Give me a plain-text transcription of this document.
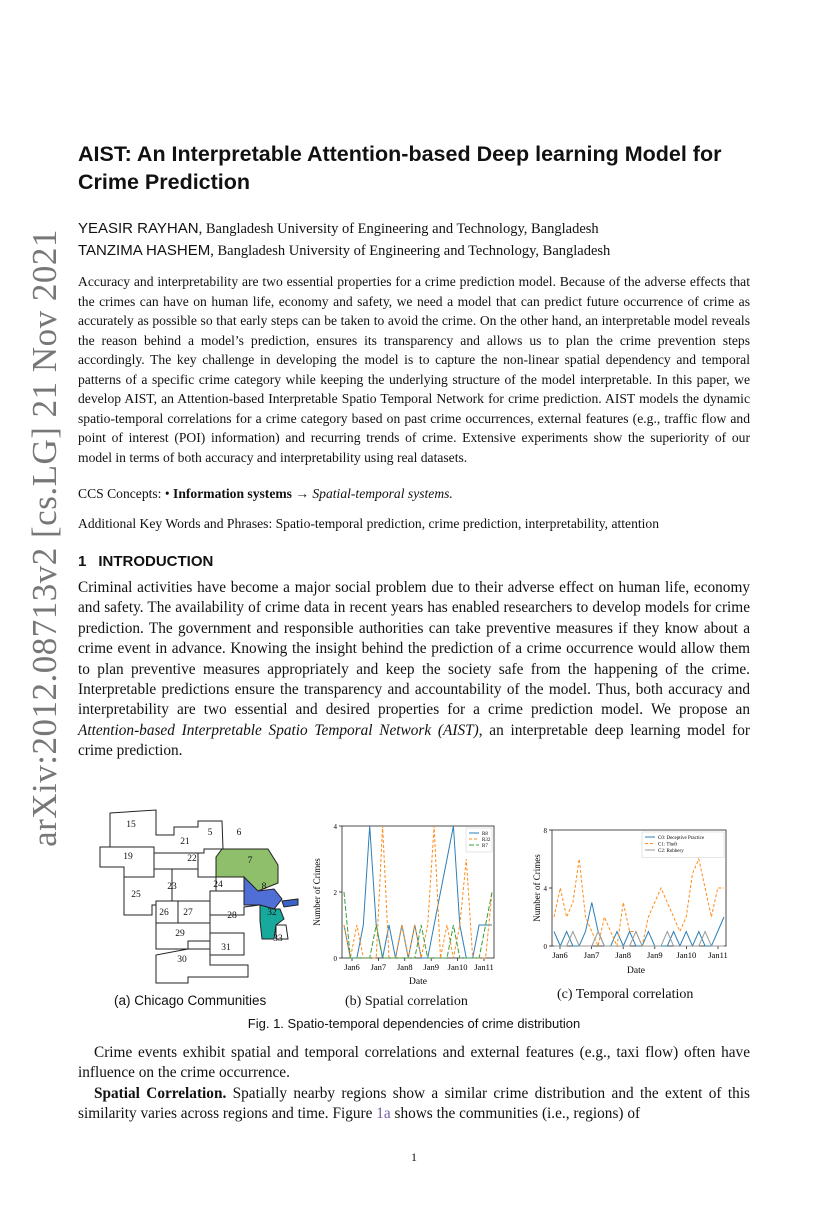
arXiv:2012.08713v2 [cs.LG] 21 Nov 2021
AIST: An Interpretable Attention-based Deep learning Model for Crime Prediction
YEASIR RAYHAN, Bangladesh University of Engineering and Technology, Bangladesh
TANZIMA HASHEM, Bangladesh University of Engineering and Technology, Bangladesh

Accuracy and interpretability are two essential properties for a crime prediction model. Because of the adverse effects that the crimes can have on human life, economy and safety, we need a model that can predict future occurrence of crime as accurately as possible so that early steps can be taken to avoid the crime. On the other hand, an interpretable model reveals the reason behind a model’s prediction, ensures its transparency and allows us to plan the crime prevention steps accordingly. The key challenge in developing the model is to capture the non-linear spatial dependency and temporal patterns of a specific crime category while keeping the underlying structure of the model interpretable. In this paper, we develop AIST, an Attention-based Interpretable Spatio Temporal Network for crime prediction. AIST models the dynamic spatio-temporal correlations for a crime category based on past crime occurrences, external features (e.g., traffic flow and point of interest (POI) information) and recurring trends of crime. Extensive experiments show the superiority of our model in terms of both accuracy and interpretability using real datasets.

CCS Concepts: • Information systems → Spatial-temporal systems.
Additional Key Words and Phrases: Spatio-temporal prediction, crime prediction, interpretability, attention
1 INTRODUCTION

Criminal activities have become a major social problem due to their adverse effect on human life, economy and safety. The availability of crime data in recent years has enabled researchers to develop models for crime prediction. The government and responsible authorities can take preventive measures if they know about a crime event in advance. Knowing the insight behind the prediction of a crime occurrence would allow them to plan preventive measures appropriately and keep the society safe from the happening of the crime. Interpretable predictions ensure the transparency and accountability of the model. Thus, both accuracy and interpretability are two essential and desired properties for a crime prediction model. We propose an Attention-based Interpretable Spatio Temporal Network (AIST), an interpretable deep learning model for crime prediction.

15
21
5	6
19	22	7
23	24	8
25
26 27	28	32
29	33
31
30
Number of Crimes
Date
0
2
4
Jan6 Jan7 Jan8 Jan9 Jan10 Jan11
R8
R32
R7
Number of Crimes
Date
0
4
8
Jan6 Jan7 Jan8 Jan9 Jan10 Jan11
C0: Deceptive Practice
C1: Theft
C2: Robbery
(a) Chicago Communities	(b) Spatial correlation	(c) Temporal correlation
Fig. 1. Spatio-temporal dependencies of crime distribution

Crime events exhibit spatial and temporal correlations and external features (e.g., taxi flow) often have influence on the crime occurrence.

Spatial Correlation. Spatially nearby regions show a similar crime distribution and the extent of this similarity varies across regions and time. Figure 1a shows the communities (i.e., regions) of

1
